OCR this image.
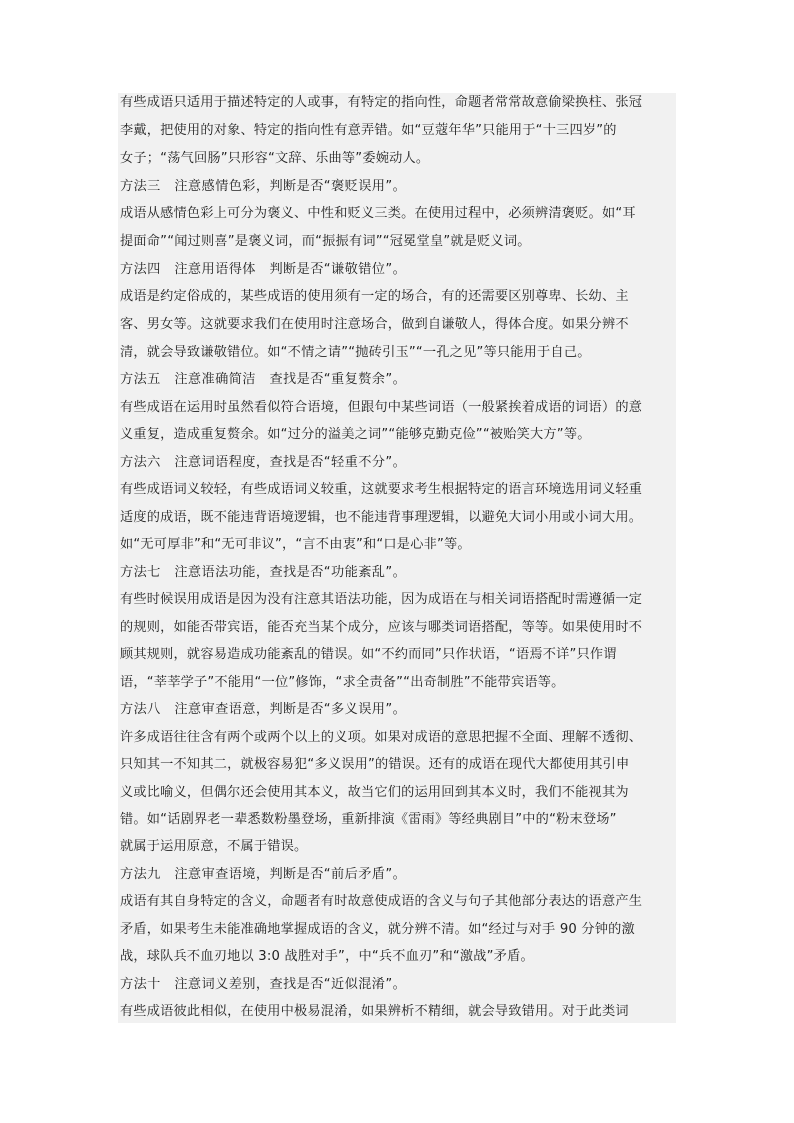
有些成语只适用于描述特定的人或事，有特定的指向性，命题者常常故意偷梁换柱、张冠
李戴，把使用的对象、特定的指向性有意弄错。如“豆蔻年华”只能用于“十三四岁”的
女子；“荡气回肠”只形容“文辞、乐曲等”委婉动人。
方法三　注意感情色彩，判断是否“褒贬误用”。
成语从感情色彩上可分为褒义、中性和贬义三类。在使用过程中，必须辨清褒贬。如“耳
提面命”“闻过则喜”是褒义词，而“振振有词”“冠冕堂皇”就是贬义词。
方法四　注意用语得体　判断是否“谦敬错位”。
成语是约定俗成的，某些成语的使用须有一定的场合，有的还需要区别尊卑、长幼、主
客、男女等。这就要求我们在使用时注意场合，做到自谦敬人，得体合度。如果分辨不
清，就会导致谦敬错位。如“不情之请”“抛砖引玉”“一孔之见”等只能用于自己。
方法五　注意准确简洁　查找是否“重复赘余”。
有些成语在运用时虽然看似符合语境，但跟句中某些词语（一般紧挨着成语的词语）的意
义重复，造成重复赘余。如“过分的溢美之词”“能够克勤克俭”“被贻笑大方”等。
方法六　注意词语程度，查找是否“轻重不分”。
有些成语词义较轻，有些成语词义较重，这就要求考生根据特定的语言环境选用词义轻重
适度的成语，既不能违背语境逻辑，也不能违背事理逻辑，以避免大词小用或小词大用。
如“无可厚非”和“无可非议”，“言不由衷”和“口是心非”等。
方法七　注意语法功能，查找是否“功能紊乱”。
有些时候误用成语是因为没有注意其语法功能，因为成语在与相关词语搭配时需遵循一定
的规则，如能否带宾语，能否充当某个成分，应该与哪类词语搭配，等等。如果使用时不
顾其规则，就容易造成功能紊乱的错误。如“不约而同”只作状语，“语焉不详”只作谓
语，“莘莘学子”不能用“一位”修饰，“求全责备”“出奇制胜”不能带宾语等。
方法八　注意审查语意，判断是否“多义误用”。
许多成语往往含有两个或两个以上的义项。如果对成语的意思把握不全面、理解不透彻、
只知其一不知其二，就极容易犯“多义误用”的错误。还有的成语在现代大都使用其引申
义或比喻义，但偶尔还会使用其本义，故当它们的运用回到其本义时，我们不能视其为
错。如“话剧界老一辈悉数粉墨登场，重新排演《雷雨》等经典剧目”中的“粉末登场”
就属于运用原意，不属于错误。
方法九　注意审查语境，判断是否“前后矛盾”。
成语有其自身特定的含义，命题者有时故意使成语的含义与句子其他部分表达的语意产生
矛盾，如果考生未能准确地掌握成语的含义，就分辨不清。如“经过与对手 90 分钟的激
战，球队兵不血刃地以 3:0 战胜对手”，中“兵不血刃”和“激战”矛盾。
方法十　注意词义差别，查找是否“近似混淆”。
有些成语彼此相似，在使用中极易混淆，如果辨析不精细，就会导致错用。对于此类词
